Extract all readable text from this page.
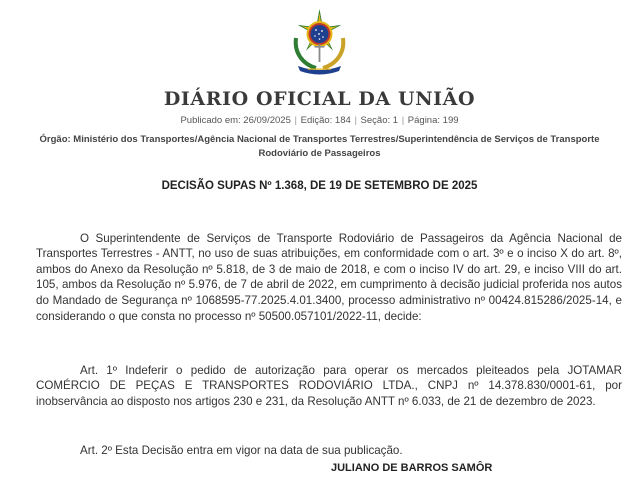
DIÁRIO OFICIAL DA UNIÃO
Publicado em: 26/09/2025 | Edição: 184 | Seção: 1 | Página: 199
Órgão: Ministério dos Transportes/Agência Nacional de Transportes Terrestres/Superintendência de Serviços de Transporte Rodoviário de Passageiros
DECISÃO SUPAS Nº 1.368, DE 19 DE SETEMBRO DE 2025

O Superintendente de Serviços de Transporte Rodoviário de Passageiros da Agência Nacional de Transportes Terrestres - ANTT, no uso de suas atribuições, em conformidade com o art. 3º e o inciso X do art. 8º, ambos do Anexo da Resolução nº 5.818, de 3 de maio de 2018, e com o inciso IV do art. 29, e inciso VIII do art. 105, ambos da Resolução nº 5.976, de 7 de abril de 2022, em cumprimento à decisão judicial proferida nos autos do Mandado de Segurança nº 1068595-77.2025.4.01.3400, processo administrativo nº 00424.815286/2025-14, e considerando o que consta no processo nº 50500.057101/2022-11, decide:

Art. 1º Indeferir o pedido de autorização para operar os mercados pleiteados pela JOTAMAR COMÉRCIO DE PEÇAS E TRANSPORTES RODOVIÁRIO LTDA., CNPJ nº 14.378.830/0001-61, por inobservância ao disposto nos artigos 230 e 231, da Resolução ANTT nº 6.033, de 21 de dezembro de 2023.

Art. 2º Esta Decisão entra em vigor na data de sua publicação.

JULIANO DE BARROS SAMÔR
